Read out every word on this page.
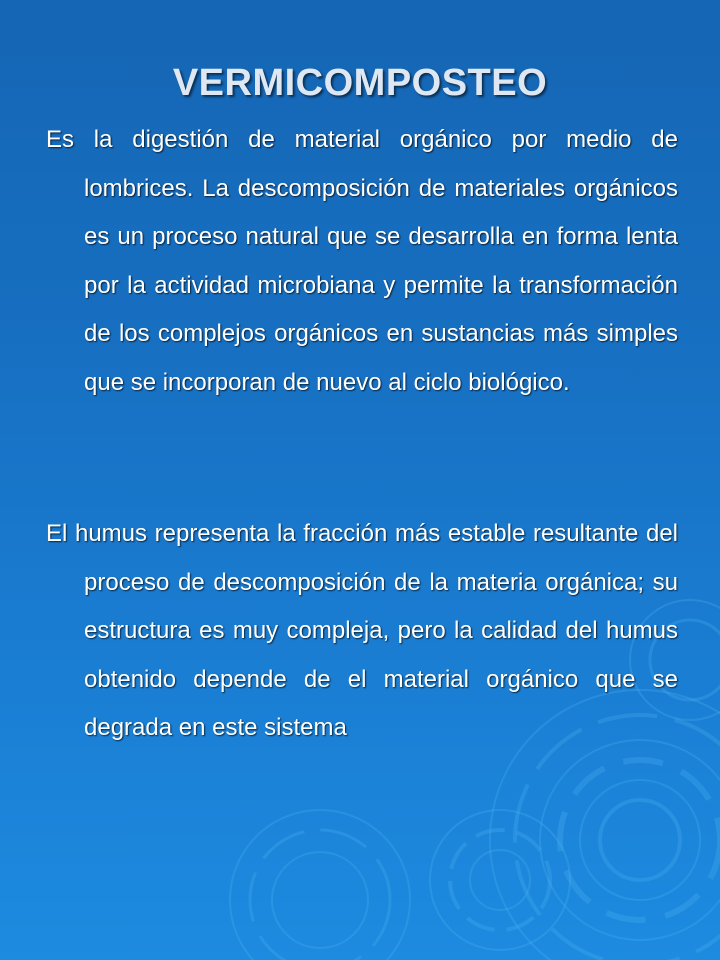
VERMICOMPOSTEO
Es la digestión de material orgánico por medio de lombrices. La descomposición de materiales orgánicos es un proceso natural que se desarrolla en forma lenta por la actividad microbiana y permite la transformación de los complejos orgánicos en sustancias más simples que se incorporan de nuevo al ciclo biológico.
El humus representa la fracción más estable resultante del proceso de descomposición de la materia orgánica; su estructura es muy compleja, pero la calidad del humus obtenido depende de el material orgánico que se degrada en este sistema
